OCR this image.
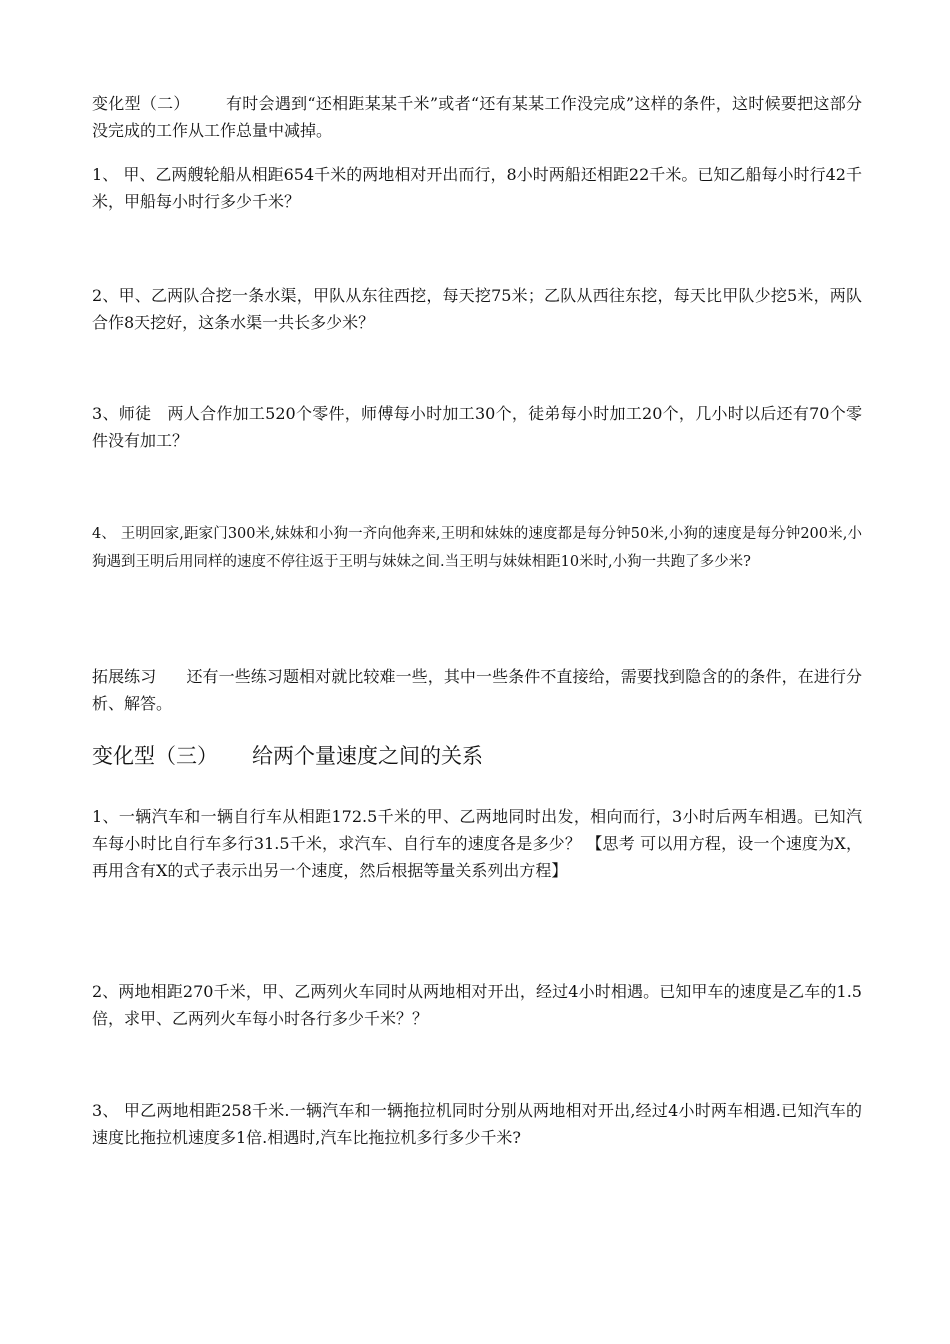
变化型（二） 有时会遇到“还相距某某千米”或者“还有某某工作没完成”这样的条件，这时候要把这部分没完成的工作从工作总量中减掉。

1、 甲、乙两艘轮船从相距654千米的两地相对开出而行，8小时两船还相距22千米。已知乙船每小时行42千米，甲船每小时行多少千米？

2、甲、乙两队合挖一条水渠，甲队从东往西挖，每天挖75米；乙队从西往东挖，每天比甲队少挖5米，两队合作8天挖好，这条水渠一共长多少米？

3、师徒　两人合作加工520个零件，师傅每小时加工30个，徒弟每小时加工20个，几小时以后还有70个零件没有加工？

4、 王明回家,距家门300米,妹妹和小狗一齐向他奔来,王明和妹妹的速度都是每分钟50米,小狗的速度是每分钟200米,小狗遇到王明后用同样的速度不停往返于王明与妹妹之间.当王明与妹妹相距10米时,小狗一共跑了多少米?

拓展练习 还有一些练习题相对就比较难一些，其中一些条件不直接给，需要找到隐含的的条件，在进行分析、解答。

变化型（三） 给两个量速度之间的关系

1、一辆汽车和一辆自行车从相距172.5千米的甲、乙两地同时出发，相向而行，3小时后两车相遇。已知汽车每小时比自行车多行31.5千米，求汽车、自行车的速度各是多少？ 【思考 可以用方程，设一个速度为X，再用含有X的式子表示出另一个速度，然后根据等量关系列出方程】

2、两地相距270千米，甲、乙两列火车同时从两地相对开出，经过4小时相遇。已知甲车的速度是乙车的1.5倍，求甲、乙两列火车每小时各行多少千米？？

3、 甲乙两地相距258千米.一辆汽车和一辆拖拉机同时分别从两地相对开出,经过4小时两车相遇.已知汽车的速度比拖拉机速度多1倍.相遇时,汽车比拖拉机多行多少千米?
